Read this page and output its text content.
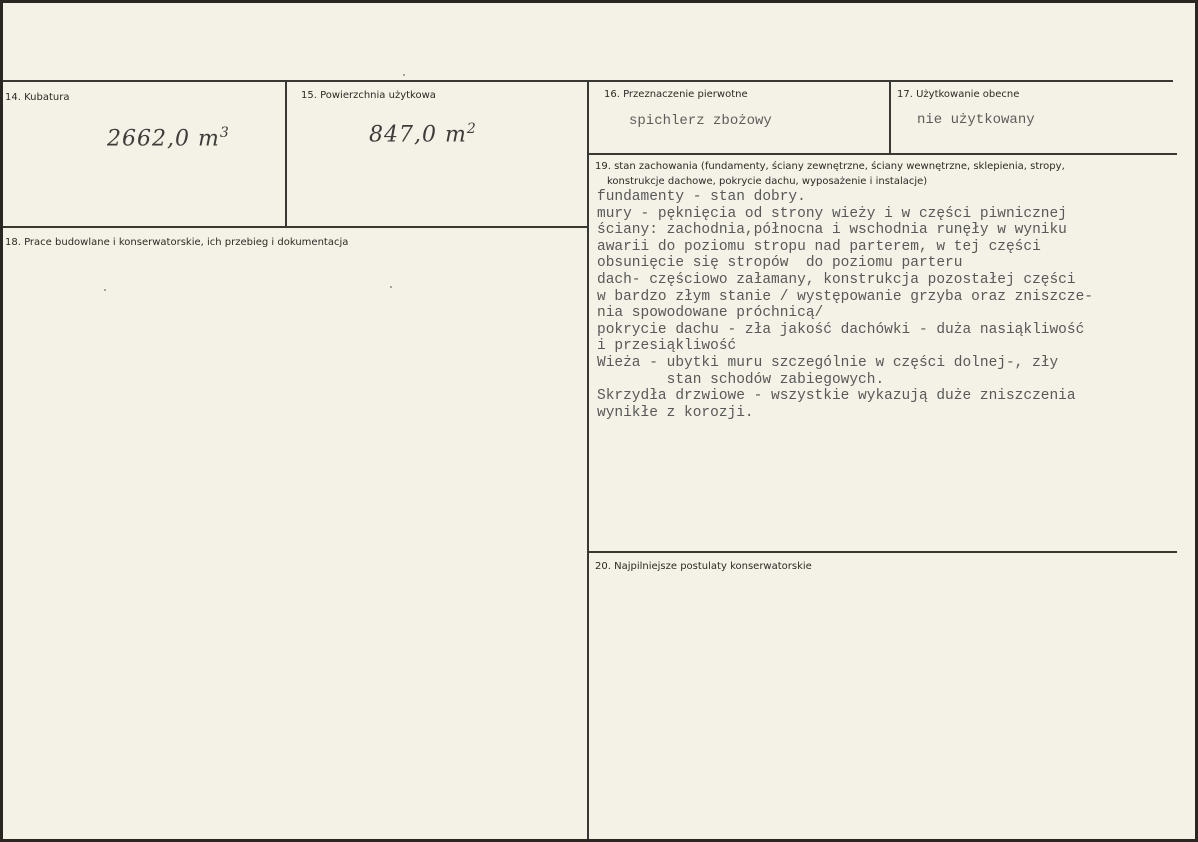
14. Kubatura
2662,0 $m^3$
15. Powierzchnia użytkowa
847,0 $m^2$
16. Przeznaczenie pierwotne
spichlerz zbożowy
17. Użytkowanie obecne
nie użytkowany
18. Prace budowlane i konserwatorskie, ich przebieg i dokumentacja
19. stan zachowania (fundamenty, ściany zewnętrzne, ściany wewnętrzne, sklepienia, stropy,
konstrukcje dachowe, pokrycie dachu, wyposażenie i instalacje)
fundamenty - stan dobry.
mury - pęknięcia od strony wieży i w części piwnicznej
ściany: zachodnia,północna i wschodnia runęły w wyniku
awarii do poziomu stropu nad parterem, w tej części
obsunięcie się stropów  do poziomu parteru
dach- częściowo załamany, konstrukcja pozostałej części
w bardzo złym stanie / występowanie grzyba oraz zniszcze-
nia spowodowane próchnicą/
pokrycie dachu - zła jakość dachówki - duża nasiąkliwość
i przesiąkliwość
Wieża - ubytki muru szczególnie w części dolnej-, zły
stan schodów zabiegowych.
Skrzydła drzwiowe - wszystkie wykazują duże zniszczenia
wynikłe z korozji.
20. Najpilniejsze postulaty konserwatorskie
